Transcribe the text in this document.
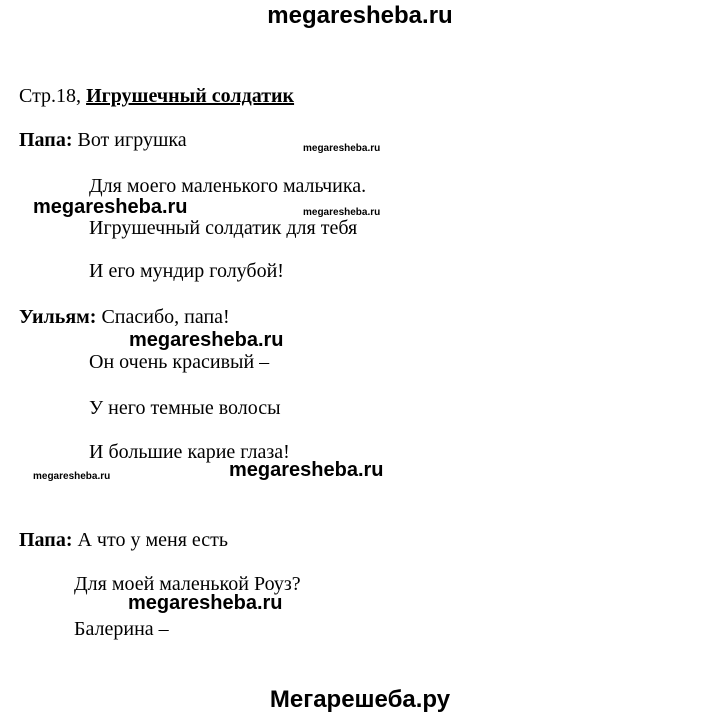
megaresheba.ru
Стр.18, Игрушечный солдатик
Папа: Вот игрушка
Для моего маленького мальчика.
Игрушечный солдатик для тебя
И его мундир голубой!
Уильям: Спасибо, папа!
Он очень красивый –
У него темные волосы
И большие карие глаза!
Папа: А что у меня есть
Для моей маленькой Роуз?
Балерина –
megaresheba.ru
megaresheba.ru	megaresheba.ru
megaresheba.ru
megaresheba.ru
megaresheba.ru
megaresheba.ru
Мегарешеба.ру
